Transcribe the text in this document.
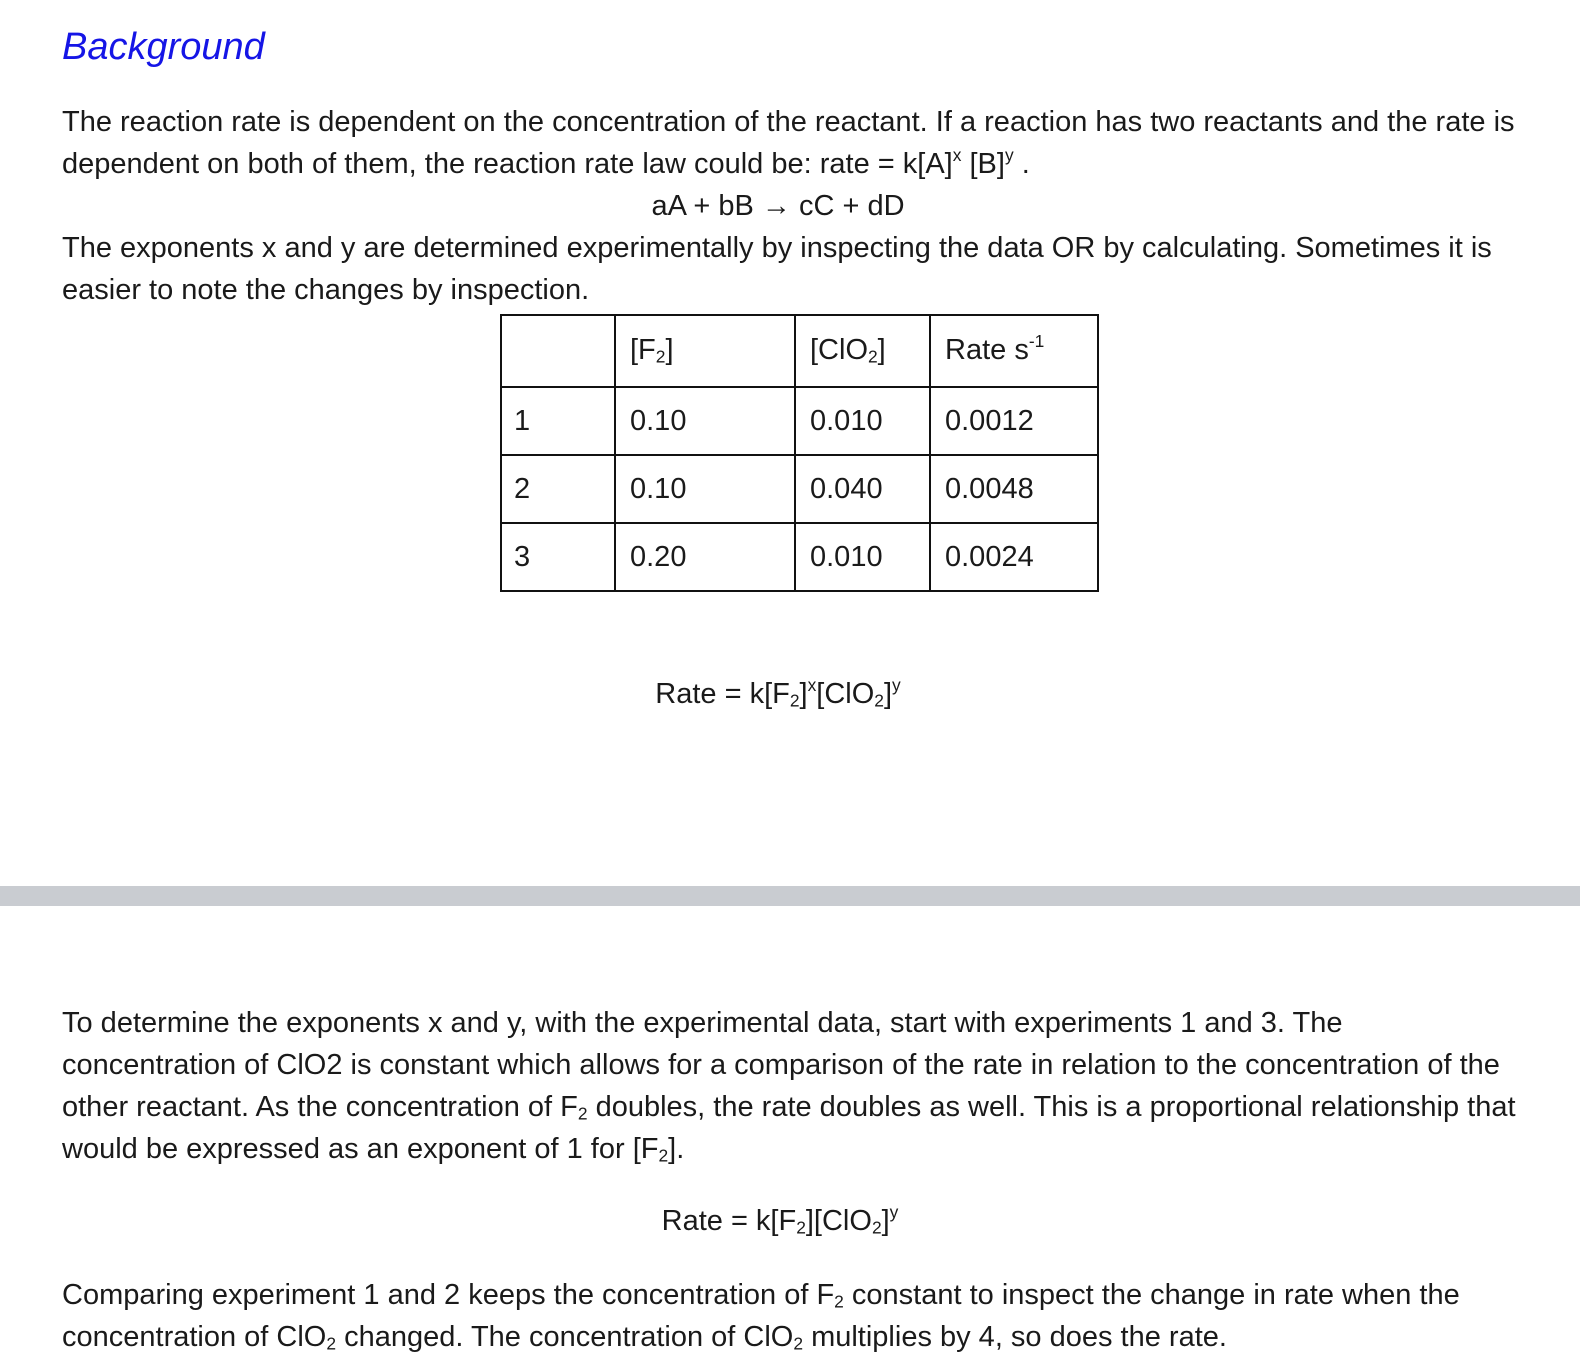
Background

The reaction rate is dependent on the concentration of the reactant. If a reaction has two reactants and the rate is dependent on both of them, the reaction rate law could be: rate = $k[A]^x$ $[B]^y$ .

aA + bB → cC + dD

The exponents x and y are determined experimentally by inspecting the data OR by calculating. Sometimes it is easier to note the changes by inspection.

	$[F_2]$	[ClO$_2$]	Rate $s^{-1}$
1	0.10	0.010	0.0012
2	0.10	0.040	0.0048
3	0.20	0.010	0.0024
Rate = $k[F_2]^x[ClO_2]^y$

To determine the exponents x and y, with the experimental data, start with experiments 1 and 3. The concentration of ClO2 is constant which allows for a comparison of the rate in relation to the concentration of the other reactant. As the concentration of $F_2$ doubles, the rate doubles as well. This is a proportional relationship that would be expressed as an exponent of 1 for $[F_2]$.

Rate = $k[F_2][ClO_2]^y$

Comparing experiment 1 and 2 keeps the concentration of $F_2$ constant to inspect the change in rate when the concentration of ClO$_2$ changed. The concentration of ClO$_2$ multiplies by 4, so does the rate.
